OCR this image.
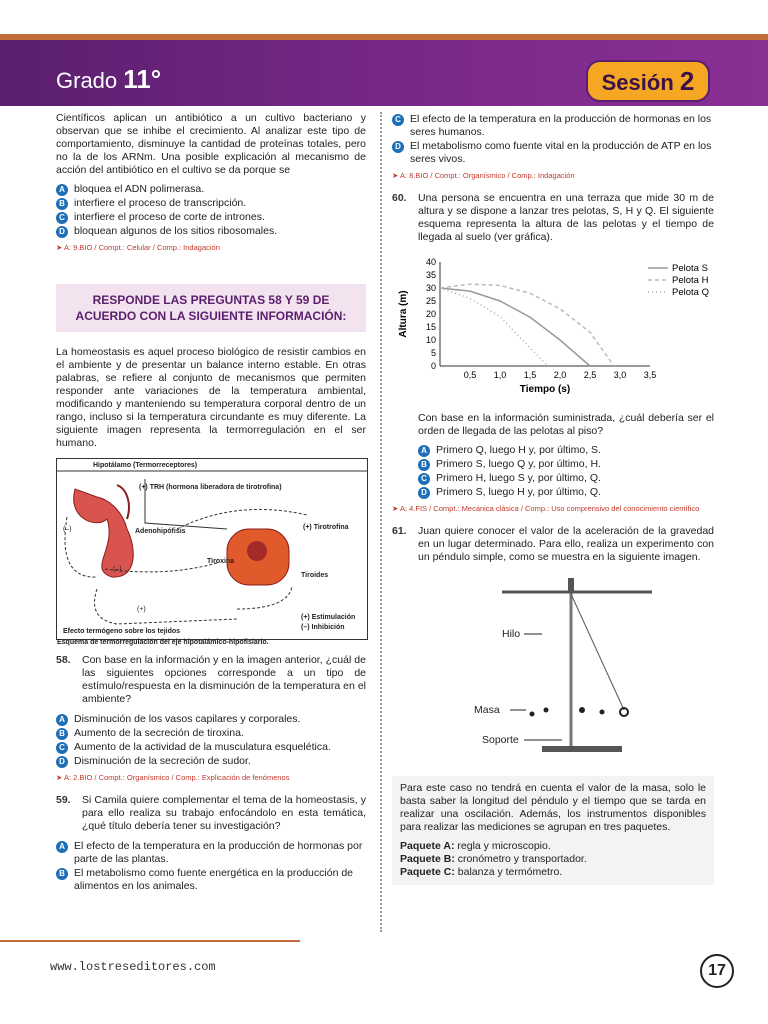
Grado 11°	Sesión 2

Científicos aplican un antibiótico a un cultivo bacteriano y observan que se inhibe el crecimiento. Al analizar este tipo de comportamiento, disminuye la cantidad de proteínas totales, pero no la de los ARNm. Una posible explicación al mecanismo de acción del antibiótico en el cultivo se da porque se

A bloquea el ADN polimerasa.
B interfiere el proceso de transcripción.
C interfiere el proceso de corte de intrones.
D bloquean algunos de los sitios ribosomales.
➤ A: 9.BIO / Compt.: Celular / Comp.: Indagación
RESPONDE LAS PREGUNTAS 58 Y 59 DE ACUERDO CON LA SIGUIENTE INFORMACIÓN:

La homeostasis es aquel proceso biológico de resistir cambios en el ambiente y de presentar un balance interno estable. En otras palabras, se refiere al conjunto de mecanismos que permiten responder ante variaciones de la temperatura ambiental, modificando y manteniendo su temperatura corporal dentro de un rango, incluso si la temperatura circundante es muy diferente. La siguiente imagen representa la termorregulación en el ser humano.

Hipotálamo (Termorreceptores)
(+) TRH (hormona liberadora de tirotrofina)
(–)	Adenohipófisis
(+) Tirotrofina
Tiroxina
(–)
Tiroides
(+)
(+) Estimulación
(–) Inhibición
Efecto termógeno sobre los tejidos
Esquema de termorregulación del eje hipotalámico-hipofisiario.
58.	Con base en la información y en la imagen anterior, ¿cuál de las siguientes opciones corresponde a un tipo de estímulo/respuesta en la disminución de la temperatura en el ambiente?

A Disminución de los vasos capilares y corporales.
B Aumento de la secreción de tiroxina.
C Aumento de la actividad de la musculatura esquelética.
D Disminución de la secreción de sudor.
➤ A: 2.BIO / Compt.: Organísmico / Comp.: Explicación de fenómenos
59.	Si Camila quiere complementar el tema de la homeostasis, y para ello realiza su trabajo enfocándolo en esta temática, ¿qué título debería tener su investigación?

A El efecto de la temperatura en la producción de hormonas por parte de las plantas.
B El metabolismo como fuente energética en la producción de alimentos en los animales.
C El efecto de la temperatura en la producción de hormonas en los seres humanos.
D El metabolismo como fuente vital en la producción de ATP en los seres vivos.
➤ A: 8.BIO / Compt.: Organísmico / Comp.: Indagación
60.	Una persona se encuentra en una terraza que mide 30 m de altura y se dispone a lanzar tres pelotas, S, H y Q. El siguiente esquema representa la altura de las pelotas y el tiempo de llegada al suelo (ver gráfica).

0
5
10
15
20
25
30
35
40
0,5 1,0 1,5 2,0 2,5 3,0 3,5
Tiempo (s)
Altura (m)
Pelota S
Pelota H
Pelota Q

Con base en la información suministrada, ¿cuál debería ser el orden de llegada de las pelotas al piso?

A Primero Q, luego H y, por último, S.
B Primero S, luego Q y, por último, H.
C Primero H, luego S y, por último, Q.
D Primero S, luego H y, por último, Q.
➤ A: 4.FIS / Compt.: Mecánica clásica / Comp.: Uso comprensivo del conocimiento científico
61.	Juan quiere conocer el valor de la aceleración de la gravedad en un lugar determinado. Para ello, realiza un experimento con un péndulo simple, como se muestra en la siguiente imagen.

Hilo
Masa
Soporte

Para este caso no tendrá en cuenta el valor de la masa, solo le basta saber la longitud del péndulo y el tiempo que se tarda en realizar una oscilación. Además, los instrumentos disponibles para realizar las mediciones se agrupan en tres paquetes.

Paquete A: regla y microscopio.
Paquete B: cronómetro y transportador.
Paquete C: balanza y termómetro.
www.lostreseditores.com	17
